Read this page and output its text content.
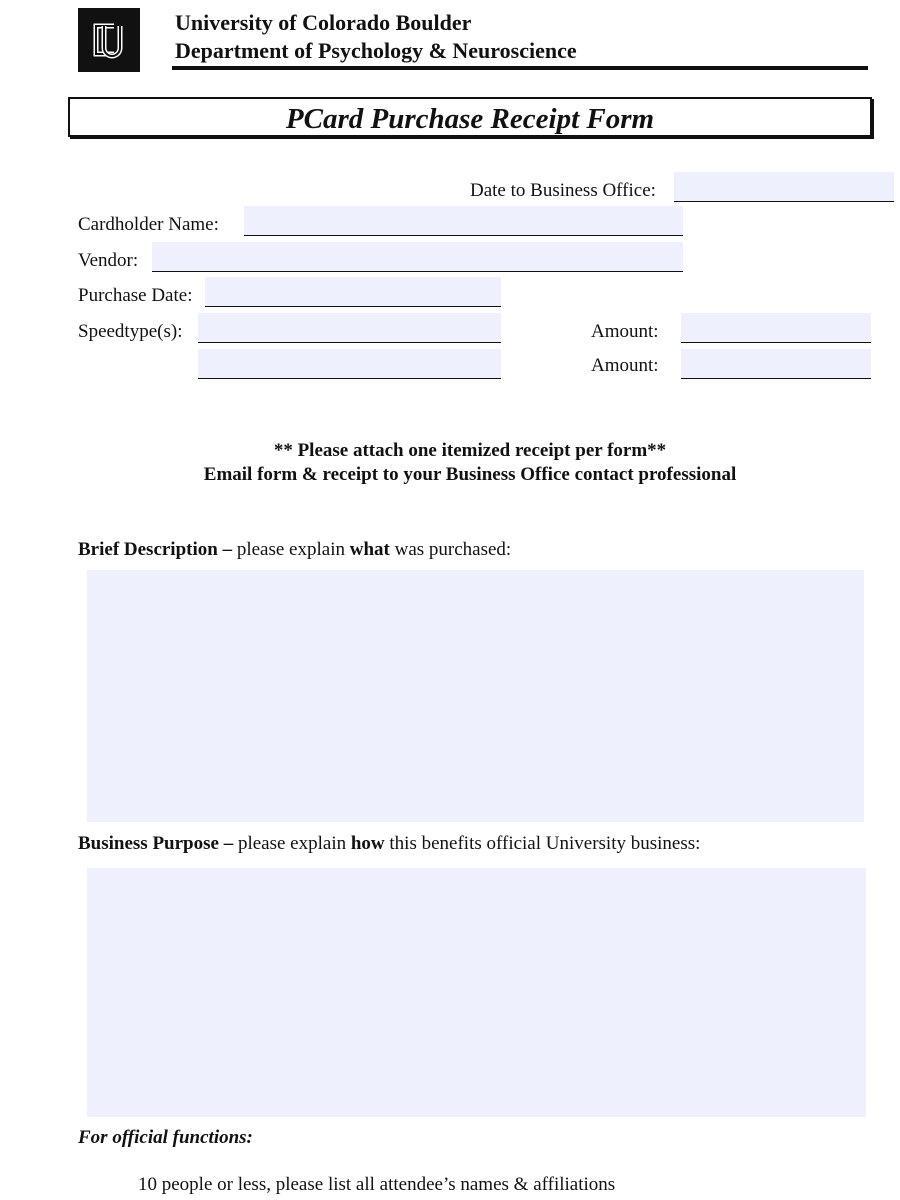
University of Colorado Boulder
Department of Psychology & Neuroscience
PCard Purchase Receipt Form
Date to Business Office:
Cardholder Name:
Vendor:
Purchase Date:
Speedtype(s):	Amount:
Amount:
** Please attach one itemized receipt per form**
Email form & receipt to your Business Office contact professional
Brief Description – please explain what was purchased:
Business Purpose – please explain how this benefits official University business:
For official functions:
10 people or less, please list all attendee’s names & affiliations
